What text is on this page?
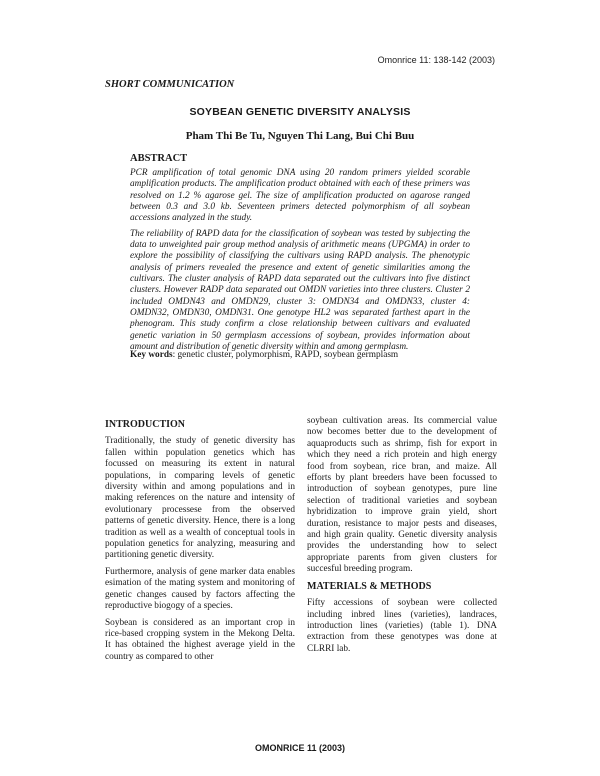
Omonrice 11: 138-142 (2003)
SHORT COMMUNICATION
SOYBEAN GENETIC DIVERSITY ANALYSIS
Pham Thi Be Tu, Nguyen Thi Lang, Bui Chi Buu
ABSTRACT

PCR amplification of total genomic DNA using 20 random primers yielded scorable amplification products. The amplification product obtained with each of these primers was resolved on 1.2 % agarose gel. The size of amplification producted on agarose ranged between 0.3 and 3.0 kb. Seventeen primers detected polymorphism of all soybean accessions analyzed in the study.

The reliability of RAPD data for the classification of soybean was tested by subjecting the data to unweighted pair group method analysis of arithmetic means (UPGMA) in order to explore the possibility of classifying the cultivars using RAPD analysis. The phenotypic analysis of primers revealed the presence and extent of genetic similarities among the cultivars. The cluster analysis of RAPD data separated out the cultivars into five distinct clusters. However RADP data separated out OMDN varieties into three clusters. Cluster 2 included OMDN43 and OMDN29, cluster 3: OMDN34 and OMDN33, cluster 4: OMDN32, OMDN30, OMDN31. One genotype HL2 was separated farthest apart in the phenogram. This study confirm a close relationship between cultivars and evaluated genetic variation in 50 germplasm accessions of soybean, provides information about amount and distribution of genetic diversity within and among germplasm.

Key words: genetic cluster, polymorphism, RAPD, soybean germplasm
INTRODUCTION

Traditionally, the study of genetic diversity has fallen within population genetics which has focussed on measuring its extent in natural populations, in comparing levels of genetic diversity within and among populations and in making references on the nature and intensity of evolutionary processese from the observed patterns of genetic diversity. Hence, there is a long tradition as well as a wealth of conceptual tools in population genetics for analyzing, measuring and partitioning genetic diversity.

Furthermore, analysis of gene marker data enables esimation of the mating system and monitoring of genetic changes caused by factors affecting the reproductive biogogy of a species.

Soybean is considered as an important crop in rice-based cropping system in the Mekong Delta. It has obtained the highest average yield in the country as compared to other

soybean cultivation areas. Its commercial value now becomes better due to the development of aquaproducts such as shrimp, fish for export in which they need a rich protein and high energy food from soybean, rice bran, and maize. All efforts by plant breeders have been focussed to introduction of soybean genotypes, pure line selection of traditional varieties and soybean hybridization to improve grain yield, short duration, resistance to major pests and diseases, and high grain quality. Genetic diversity analysis provides the understanding how to select appropriate parents from given clusters for succesful breeding program.

MATERIALS & METHODS

Fifty accessions of soybean were collected including inbred lines (varieties), landraces, introduction lines (varieties) (table 1). DNA extraction from these genotypes was done at CLRRI lab.

OMONRICE 11 (2003)
